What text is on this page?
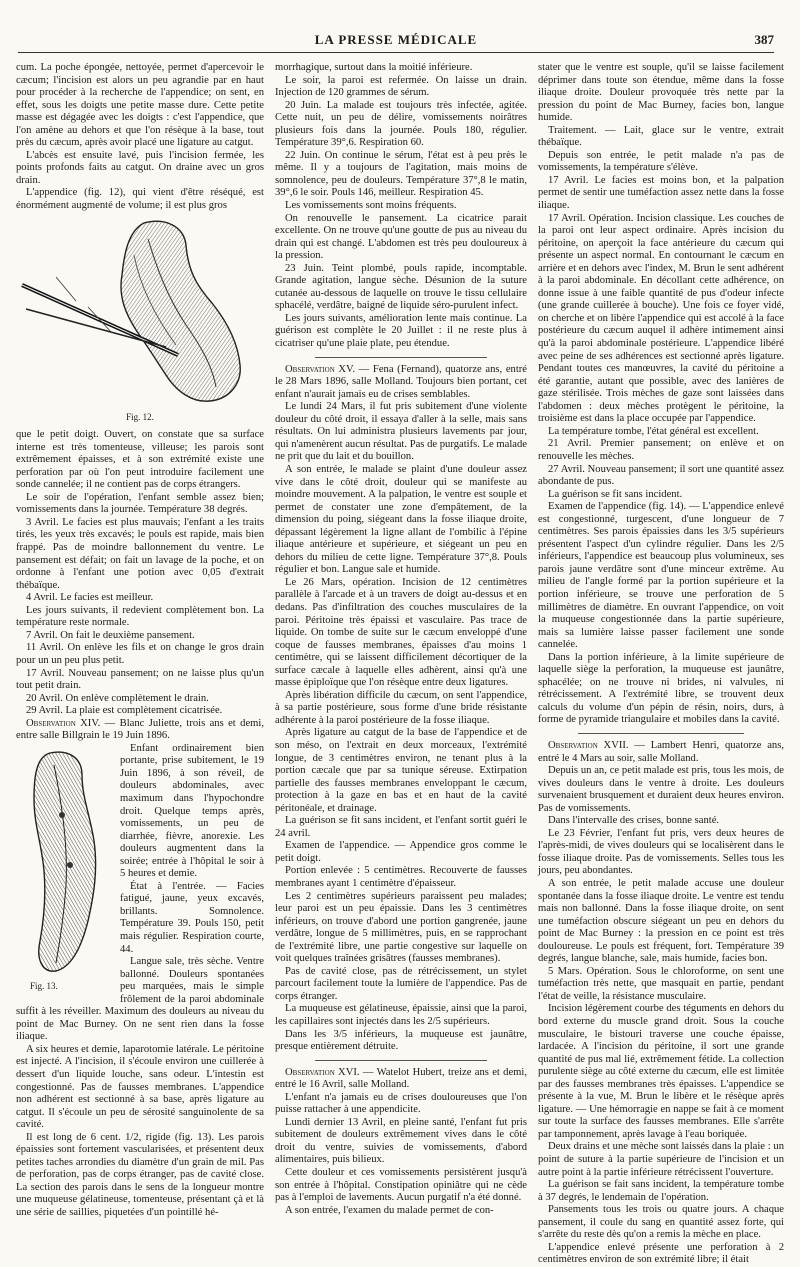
LA PRESSE MÉDICALE	387

cum. La poche épongée, nettoyée, permet d'apercevoir le cæcum; l'incision est alors un peu agrandie par en haut pour procéder à la recherche de l'appendice; on sent, en effet, sous les doigts une petite masse dure. Cette petite masse est dégagée avec les doigts : c'est l'appendice, que l'on amène au dehors et que l'on résèque à la base, tout près du cæcum, après avoir placé une ligature au catgut.

L'abcès est ensuite lavé, puis l'incision fermée, les points profonds faits au catgut. On draine avec un gros drain.

L'appendice (fig. 12), qui vient d'être réséqué, est énormément augmenté de volume; il est plus gros

Fig. 12.

que le petit doigt. Ouvert, on constate que sa surface interne est très tomenteuse, villeuse; les parois sont extrêmement épaisses, et à son extrémité existe une perforation par où l'on peut introduire facilement une sonde cannelée; il ne contient pas de corps étrangers.

Le soir de l'opération, l'enfant semble assez bien; vomissements dans la journée. Température 38 degrés.

3 Avril. Le facies est plus mauvais; l'enfant a les traits tirés, les yeux très excavés; le pouls est rapide, mais bien frappé. Pas de moindre ballonnement du ventre. Le pansement est défait; on fait un lavage de la poche, et on ordonne à l'enfant une potion avec 0,05 d'extrait thébaïque.

4 Avril. Le facies est meilleur.

Les jours suivants, il redevient complètement bon. La température reste normale.

7 Avril. On fait le deuxième pansement.

11 Avril. On enlève les fils et on change le gros drain pour un un peu plus petit.

17 Avril. Nouveau pansement; on ne laisse plus qu'un tout petit drain.

20 Avril. On enlève complètement le drain.

29 Avril. La plaie est complètement cicatrisée.

Observation XIV. — Blanc Juliette, trois ans et demi, entre salle Billgrain le 19 Juin 1896.

Fig. 13.

Enfant ordinairement bien portante, prise subitement, le 19 Juin 1896, à son réveil, de douleurs abdominales, avec maximum dans l'hypochondre droit. Quelque temps après, vomissements, un peu de diarrhée, fièvre, anorexie. Les douleurs augmentent dans la soirée; entrée à l'hôpital le soir à 5 heures et demie.

État à l'entrée. — Facies fatigué, jaune, yeux excavés, brillants. Somnolence. Température 39. Pouls 150, petit mais régulier. Respiration courte, 44.

Langue sale, très sèche. Ventre ballonné. Douleurs spontanées peu marquées, mais le simple frôlement de la paroi abdominale suffit à les réveiller. Maximum des douleurs au niveau du point de Mac Burney. On ne sent rien dans la fosse iliaque.

A six heures et demie, laparotomie latérale. Le péritoine est injecté. A l'incision, il s'écoule environ une cuillerée à dessert d'un liquide louche, sans odeur. L'intestin est congestionné. Pas de fausses membranes. L'appendice non adhérent est sectionné à sa base, après ligature au catgut. Il s'écoule un peu de sérosité sanguinolente de sa cavité.

Il est long de 6 cent. 1/2, rigide (fig. 13). Les parois épaissies sont fortement vascularisées, et présentent deux petites taches arrondies du diamètre d'un grain de mil. Pas de perforation, pas de corps étranger, pas de cavité close. La section des parois dans le sens de la longueur montre une muqueuse gélatineuse, tomenteuse, présentant çà et là une série de saillies, piquetées d'un pointillé hé-

morrhagique, surtout dans la moitié inférieure.

Le soir, la paroi est refermée. On laisse un drain. Injection de 120 grammes de sérum.

20 Juin. La malade est toujours très infectée, agitée. Cette nuit, un peu de délire, vomissements noirâtres plusieurs fois dans la journée. Pouls 180, régulier. Température 39°,6. Respiration 60.

22 Juin. On continue le sérum, l'état est à peu près le même. Il y a toujours de l'agitation, mais moins de somnolence, peu de douleurs. Température 37°,8 le matin, 39°,6 le soir. Pouls 146, meilleur. Respiration 45.

Les vomissements sont moins fréquents.

On renouvelle le pansement. La cicatrice parait excellente. On ne trouve qu'une goutte de pus au niveau du drain qui est changé. L'abdomen est très peu douloureux à la pression.

23 Juin. Teint plombé, pouls rapide, incomptable. Grande agitation, langue sèche. Désunion de la suture cutanée au-dessous de laquelle on trouve le tissu cellulaire sphacélé, verdâtre, baigné de liquide séro-purulent infect.

Les jours suivants, amélioration lente mais continue. La guérison est complète le 20 Juillet : il ne reste plus à cicatriser qu'une plaie plate, peu étendue.

Observation XV. — Fena (Fernand), quatorze ans, entré le 28 Mars 1896, salle Molland. Toujours bien portant, cet enfant n'aurait jamais eu de crises semblables.

Le lundi 24 Mars, il fut pris subitement d'une violente douleur du côté droit, il essaya d'aller à la selle, mais sans résultats. On lui administra plusieurs lavements par jour, qui n'amenèrent aucun résultat. Pas de purgatifs. Le malade ne prit que du lait et du bouillon.

A son entrée, le malade se plaint d'une douleur assez vive dans le côté droit, douleur qui se manifeste au moindre mouvement. A la palpation, le ventre est souple et permet de constater une zone d'empâtement, de la dimension du poing, siégeant dans la fosse iliaque droite, dépassant légèrement la ligne allant de l'ombilic à l'épine iliaque antérieure et supérieure, et siégeant un peu en dehors du milieu de cette ligne. Température 37°,8. Pouls régulier et bon. Langue sale et humide.

Le 26 Mars, opération. Incision de 12 centimètres parallèle à l'arcade et à un travers de doigt au-dessus et en dedans. Pas d'infiltration des couches musculaires de la paroi. Péritoine très épaissi et vasculaire. Pas trace de liquide. On tombe de suite sur le cæcum enveloppé d'une coque de fausses membranes, épaisses d'au moins 1 centimètre, qui se laissent difficilement décortiquer de la surface cæcale à laquelle elles adhèrent, ainsi qu'à une masse épiploïque que l'on résèque entre deux ligatures.

Après libération difficile du cæcum, on sent l'appendice, à sa partie postérieure, sous forme d'une bride résistante adhérente à la paroi postérieure de la fosse iliaque.

Après ligature au catgut de la base de l'appendice et de son méso, on l'extrait en deux morceaux, l'extrémité longue, de 3 centimètres environ, ne tenant plus à la portion cæcale que par sa tunique séreuse. Extirpation partielle des fausses membranes enveloppant le cæcum, protection à la gaze en bas et en haut de la cavité péritonéale, et drainage.

La guérison se fit sans incident, et l'enfant sortit guéri le 24 avril.

Examen de l'appendice. — Appendice gros comme le petit doigt.

Portion enlevée : 5 centimètres. Recouverte de fausses membranes ayant 1 centimètre d'épaisseur.

Les 2 centimètres supérieurs paraissent peu malades; leur paroi est un peu épaissie. Dans les 3 centimètres inférieurs, on trouve d'abord une portion gangrenée, jaune verdâtre, longue de 5 millimètres, puis, en se rapprochant de l'extrémité libre, une partie congestive sur laquelle on voit quelques traînées grisâtres (fausses membranes).

Pas de cavité close, pas de rétrécissement, un stylet parcourt facilement toute la lumière de l'appendice. Pas de corps étranger.

La muqueuse est gélatineuse, épaissie, ainsi que la paroi, les capillaires sont injectés dans les 2/5 supérieurs.

Dans les 3/5 inférieurs, la muqueuse est jaunâtre, presque entièrement détruite.

Observation XVI. — Watelot Hubert, treize ans et demi, entré le 16 Avril, salle Molland.

L'enfant n'a jamais eu de crises douloureuses que l'on puisse rattacher à une appendicite.

Lundi dernier 13 Avril, en pleine santé, l'enfant fut pris subitement de douleurs extrêmement vives dans le côté droit du ventre, suivies de vomissements, d'abord alimentaires, puis bilieux.

Cette douleur et ces vomissements persistèrent jusqu'à son entrée à l'hôpital. Constipation opiniâtre qui ne cède pas à l'emploi de lavements. Aucun purgatif n'a été donné.

A son entrée, l'examen du malade permet de con-

stater que le ventre est souple, qu'il se laisse facilement déprimer dans toute son étendue, même dans la fosse iliaque droite. Douleur provoquée très nette par la pression du point de Mac Burney, facies bon, langue humide.

Traitement. — Lait, glace sur le ventre, extrait thébaïque.

Depuis son entrée, le petit malade n'a pas de vomissements, la température s'élève.

17 Avril. Le facies est moins bon, et la palpation permet de sentir une tuméfaction assez nette dans la fosse iliaque.

17 Avril. Opération. Incision classique. Les couches de la paroi ont leur aspect ordinaire. Après incision du péritoine, on aperçoit la face antérieure du cæcum qui présente un aspect normal. En contournant le cæcum en arrière et en dehors avec l'index, M. Brun le sent adhérent à la paroi abdominale. En décollant cette adhérence, on donne issue à une faible quantité de pus d'odeur infecte (une grande cuillerée à bouche). Une fois ce foyer vidé, on cherche et on libère l'appendice qui est accolé à la face postérieure du cæcum auquel il adhère intimement ainsi qu'à la paroi abdominale postérieure. L'appendice libéré avec peine de ses adhérences est sectionné après ligature. Pendant toutes ces manœuvres, la cavité du péritoine a été garantie, autant que possible, avec des lanières de gaze stérilisée. Trois mèches de gaze sont laissées dans l'abdomen : deux mèches protègent le péritoine, la troisième est dans la place occupée par l'appendice.

La température tombe, l'état général est excellent.

21 Avril. Premier pansement; on enlève et on renouvelle les mèches.

27 Avril. Nouveau pansement; il sort une quantité assez abondante de pus.

La guérison se fit sans incident.

Examen de l'appendice (fig. 14). — L'appendice enlevé est congestionné, turgescent, d'une longueur de 7 centimètres. Ses parois épaissies dans les 3/5 supérieurs présentent l'aspect d'un cylindre régulier. Dans les 2/5 inférieurs, l'appendice est beaucoup plus volumineux, ses parois jaune verdâtre sont d'une minceur extrême. Au milieu de l'angle formé par la portion supérieure et la portion inférieure, se trouve une perforation de 5 millimètres de diamètre. En ouvrant l'appendice, on voit la muqueuse congestionnée dans la partie supérieure, mais sa lumière laisse passer facilement une sonde cannelée.

Dans la portion inférieure, à la limite supérieure de laquelle siège la perforation, la muqueuse est jaunâtre, sphacélée; on ne trouve ni brides, ni valvules, ni rétrécissement. A l'extrémité libre, se trouvent deux calculs du volume d'un pépin de résin, noirs, durs, à forme de pyramide triangulaire et mobiles dans la cavité.

Observation XVII. — Lambert Henri, quatorze ans, entré le 4 Mars au soir, salle Molland.

Depuis un an, ce petit malade est pris, tous les mois, de vives douleurs dans le ventre à droite. Les douleurs survenaient brusquement et duraient deux heures environ. Pas de vomissements.

Dans l'intervalle des crises, bonne santé.

Le 23 Février, l'enfant fut pris, vers deux heures de l'après-midi, de vives douleurs qui se localisèrent dans le fosse iliaque droite. Pas de vomissements. Selles tous les jours, peu abondantes.

A son entrée, le petit malade accuse une douleur spontanée dans la fosse iliaque droite. Le ventre est tendu mais non ballonné. Dans la fosse iliaque droite, on sent une tuméfaction obscure siégeant un peu en dehors du point de Mac Burney : la pression en ce point est très douloureuse. Le pouls est fréquent, fort. Température 39 degrés, langue blanche, sale, mais humide, facies bon.

5 Mars. Opération. Sous le chloroforme, on sent une tuméfaction très nette, que masquait en partie, pendant l'état de veille, la résistance musculaire.

Incision légèrement courbe des téguments en dehors du bord externe du muscle grand droit. Sous la couche musculaire, le bistouri traverse une couche épaisse, lardacée. A l'incision du péritoine, il sort une grande quantité de pus mal lié, extrêmement fétide. La collection purulente siège au côté externe du cæcum, elle est limitée par des fausses membranes très épaisses. L'appendice se présente à la vue, M. Brun le libère et le résèque après ligature. — Une hémorragie en nappe se fait à ce moment sur toute la surface des fausses membranes. Elle s'arrête par tamponnement, après lavage à l'eau boriquée.

Deux drains et une mèche sont laissés dans la plaie : un point de suture à la partie supérieure de l'incision et un autre point à la partie inférieure rétrécissent l'ouverture.

La guérison se fait sans incident, la température tombe à 37 degrés, le lendemain de l'opération.

Pansements tous les trois ou quatre jours. A chaque pansement, il coule du sang en quantité assez forte, qui s'arrête du reste dès qu'on a remis la mèche en place.

L'appendice enlevé présente une perforation à 2 centimètres environ de son extrémité libre; il était
